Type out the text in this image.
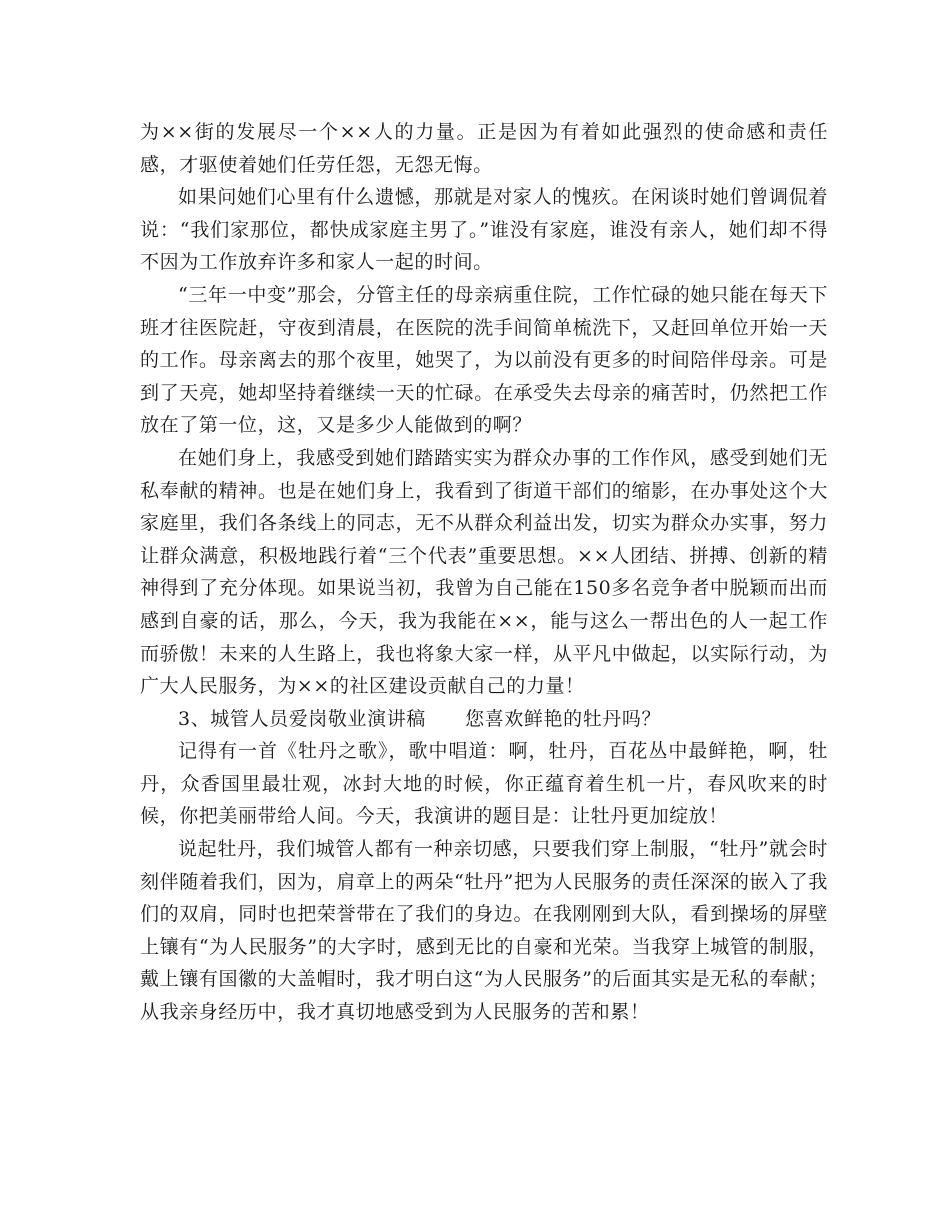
为××街的发展尽一个××人的力量。正是因为有着如此强烈的使命感和责任感，才驱使着她们任劳任怨，无怨无悔。

如果问她们心里有什么遗憾，那就是对家人的愧疚。在闲谈时她们曾调侃着说：“我们家那位，都快成家庭主男了。”谁没有家庭，谁没有亲人，她们却不得不因为工作放弃许多和家人一起的时间。

“三年一中变”那会，分管主任的母亲病重住院，工作忙碌的她只能在每天下班才往医院赶，守夜到清晨，在医院的洗手间简单梳洗下，又赶回单位开始一天的工作。母亲离去的那个夜里，她哭了，为以前没有更多的时间陪伴母亲。可是到了天亮，她却坚持着继续一天的忙碌。在承受失去母亲的痛苦时，仍然把工作放在了第一位，这，又是多少人能做到的啊？

在她们身上，我感受到她们踏踏实实为群众办事的工作作风，感受到她们无私奉献的精神。也是在她们身上，我看到了街道干部们的缩影，在办事处这个大家庭里，我们各条线上的同志，无不从群众利益出发，切实为群众办实事，努力让群众满意，积极地践行着“三个代表”重要思想。××人团结、拼搏、创新的精神得到了充分体现。如果说当初，我曾为自己能在150多名竞争者中脱颖而出而感到自豪的话，那么，今天，我为我能在××，能与这么一帮出色的人一起工作而骄傲！未来的人生路上，我也将象大家一样，从平凡中做起，以实际行动，为广大人民服务，为××的社区建设贡献自己的力量！

3、城管人员爱岗敬业演讲稿　　您喜欢鲜艳的牡丹吗？

记得有一首《牡丹之歌》，歌中唱道：啊，牡丹，百花丛中最鲜艳，啊，牡丹，众香国里最壮观，冰封大地的时候，你正蕴育着生机一片，春风吹来的时候，你把美丽带给人间。今天，我演讲的题目是：让牡丹更加绽放！

说起牡丹，我们城管人都有一种亲切感，只要我们穿上制服，“牡丹”就会时刻伴随着我们，因为，肩章上的两朵“牡丹”把为人民服务的责任深深的嵌入了我们的双肩，同时也把荣誉带在了我们的身边。在我刚刚到大队，看到操场的屏壁上镶有“为人民服务”的大字时，感到无比的自豪和光荣。当我穿上城管的制服，戴上镶有国徽的大盖帽时，我才明白这“为人民服务”的后面其实是无私的奉献；从我亲身经历中，我才真切地感受到为人民服务的苦和累！
